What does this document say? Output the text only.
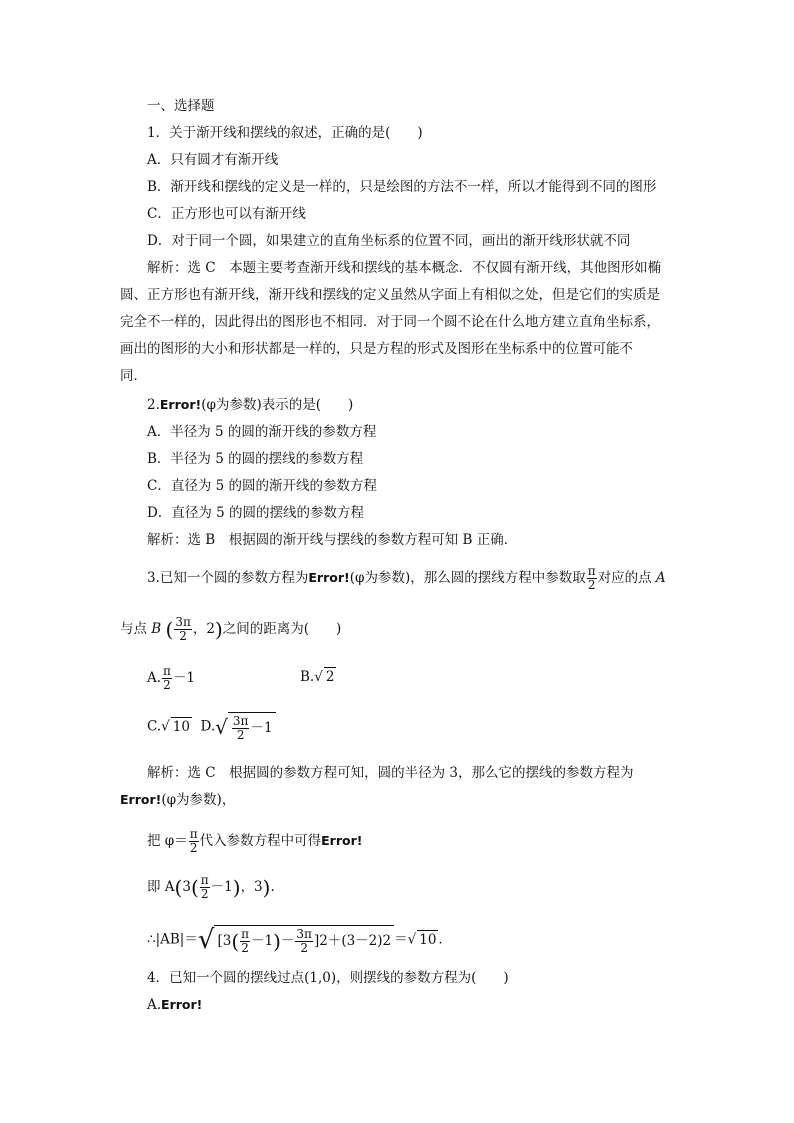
一、选择题
1．关于渐开线和摆线的叙述，正确的是(　　)
A．只有圆才有渐开线
B．渐开线和摆线的定义是一样的，只是绘图的方法不一样，所以才能得到不同的图形
C．正方形也可以有渐开线
D．对于同一个圆，如果建立的直角坐标系的位置不同，画出的渐开线形状就不同
解析：选 C　本题主要考查渐开线和摆线的基本概念．不仅圆有渐开线，其他图形如椭
圆、正方形也有渐开线，渐开线和摆线的定义虽然从字面上有相似之处，但是它们的实质是
完全不一样的，因此得出的图形也不相同．对于同一个圆不论在什么地方建立直角坐标系，
画出的图形的大小和形状都是一样的，只是方程的形式及图形在坐标系中的位置可能不
同．
2.Error!(φ为参数)表示的是(　　)
A．半径为 5 的圆的渐开线的参数方程
B．半径为 5 的圆的摆线的参数方程
C．直径为 5 的圆的渐开线的参数方程
D．直径为 5 的圆的摆线的参数方程
解析：选 B　根据圆的渐开线与摆线的参数方程可知 B 正确．
3.已知一个圆的参数方程为Error!(φ为参数)，那么圆的摆线方程中参数取 $\frac{\pi}{2}$ 对应的点 A
与点 B ( $\frac{3\pi}{2}$ ，2)之间的距离为(　　)
A. $\frac{\pi}{2} -1$	B.√ 2
C.√ 10 $D.√ \frac{3\pi}{2} -1$
解析：选 C　根据圆的参数方程可知，圆的半径为 3，那么它的摆线的参数方程为
Error!(φ为参数)，
把 $\varphi= \frac{\pi}{2}$ 代入参数方程中可得Error!
即 $A(3( \frac{\pi}{2} -1)$，3).
∴|AB|＝√ $[3( \frac{\pi}{2} -1)- \frac{3\pi}{2} ]2+(3-2)2$ ＝√ 10 .
4．已知一个圆的摆线过点(1,0)，则摆线的参数方程为(　　)
A.Error!
